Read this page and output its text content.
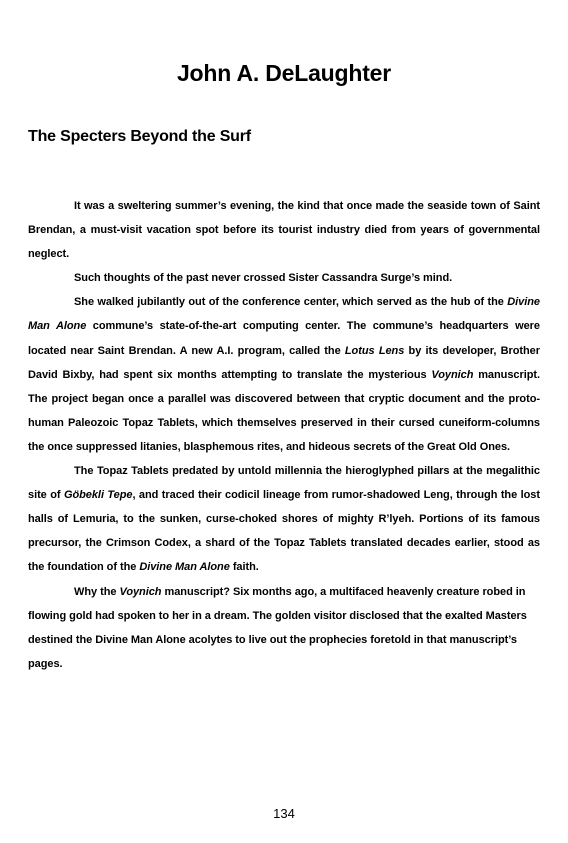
John A. DeLaughter
The Specters Beyond the Surf

It was a sweltering summer’s evening, the kind that once made the seaside town of Saint Brendan, a must-visit vacation spot before its tourist industry died from years of governmental neglect.

Such thoughts of the past never crossed Sister Cassandra Surge’s mind.

She walked jubilantly out of the conference center, which served as the hub of the Divine Man Alone commune’s state-of-the-art computing center. The commune’s headquarters were located near Saint Brendan. A new A.I. program, called the Lotus Lens by its developer, Brother David Bixby, had spent six months attempting to translate the mysterious Voynich manuscript. The project began once a parallel was discovered between that cryptic document and the proto-human Paleozoic Topaz Tablets, which themselves preserved in their cursed cuneiform-columns the once suppressed litanies, blasphemous rites, and hideous secrets of the Great Old Ones.

The Topaz Tablets predated by untold millennia the hieroglyphed pillars at the megalithic site of Göbekli Tepe, and traced their codicil lineage from rumor-shadowed Leng, through the lost halls of Lemuria, to the sunken, curse-choked shores of mighty R’lyeh. Portions of its famous precursor, the Crimson Codex, a shard of the Topaz Tablets translated decades earlier, stood as the foundation of the Divine Man Alone faith.

Why the Voynich manuscript? Six months ago, a multifaced heavenly creature robed in flowing gold had spoken to her in a dream. The golden visitor disclosed that the exalted Masters destined the Divine Man Alone acolytes to live out the prophecies foretold in that manuscript’s pages.

134
